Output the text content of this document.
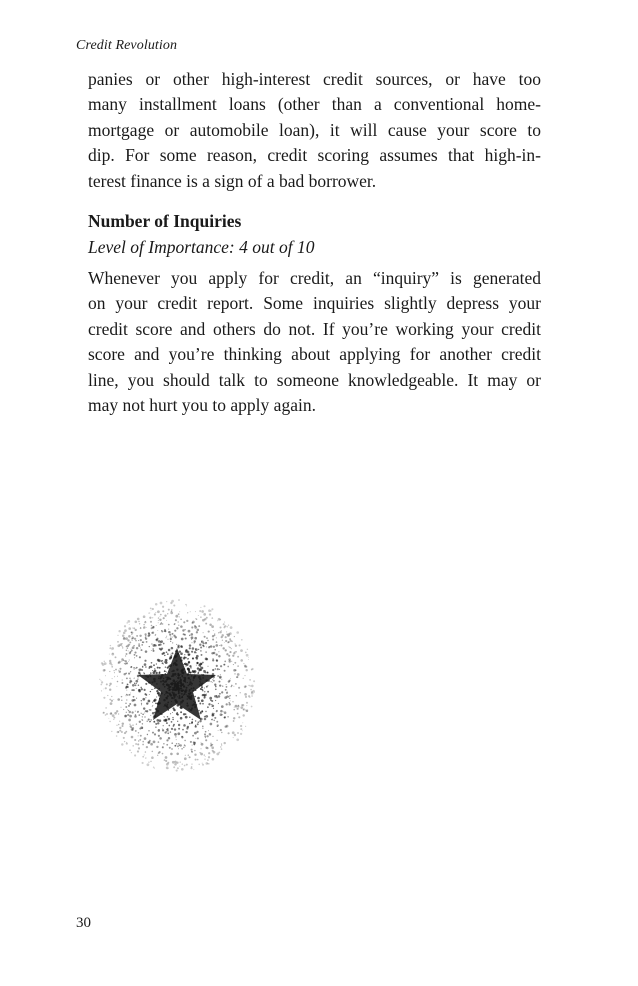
Credit Revolution

panies or other high-interest credit sources, or have too
many installment loans (other than a conventional home-
mortgage or automobile loan), it will cause your score to
dip. For some reason, credit scoring assumes that high-in-
terest finance is a sign of a bad borrower.

Number of Inquiries
Level of Importance: 4 out of 10

Whenever you apply for credit, an “inquiry” is generated
on your credit report. Some inquiries slightly depress your
credit score and others do not. If you’re working your credit
score and you’re thinking about applying for another credit
line, you should talk to someone knowledgeable. It may or
may not hurt you to apply again.

30
